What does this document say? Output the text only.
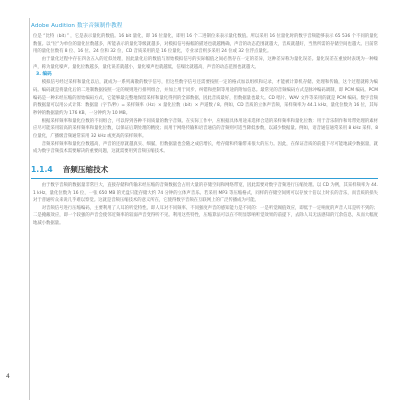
Adobe Audition 数字音频制作教程

位是 “比特（bit）” ，它是表示量化的数值。16 bit 量化，即 16 位量化，即用 16 个二进制位来表示量化数值。所以采用 16 位量化时的数字音频能够表示 65 536 个不同的量化数值。以“位”为单位的量化位数越多，所能表示的量化等级就越多，对模拟信号振幅的描述也就越精确，声音的动态范围就越大，音质就越好，当然所需的存储空间也越大。目前常用的量化位数有 8 位、16 位、24 位和 32 位，CD 音质采用的是 16 位量化，专业录音则多采用 24 位或 32 位浮点量化。

由于量化过程中存在四舍五入的近似处理，因此量化后的数值与原始模拟信号的实际幅值之间必然存在一定的差异，这种差异称为量化误差。量化误差在重放时表现为一种噪声，称为量化噪声。量化位数越多，量化误差就越小，量化噪声也就越低，信噪比就越高，声音的动态范围也就越大。

3. 编码

模拟信号经过采样和量化以后，就成为一系列离散的数字信号，但这些数字信号还需要按照一定的格式加以组织和记录，才能被计算机存储、处理和传输，这个过程就称为编码。编码就是将量化后的二进制数据按照一定的规则进行排列组合，并加上用于同步、纠错和控制等用途的附加信息。最常见的音频编码方式是脉冲编码调制，即 PCM 编码。PCM 编码是一种未经压缩的原始编码方式，它能够最完整地保留采样和量化得到的全部数据，因此音质最好，但数据量也最大。CD 唱片、WAV 文件等采用的就是 PCM 编码。数字音频的数据量可以用公式计算：数据量（字节/秒）= 采样频率（Hz）× 量化位数（bit）× 声道数 / 8。例如，CD 音质的立体声音频，采样频率为 44.1 kHz，量化位数为 16 位，其每秒钟的数据量约为 176 KB，一分钟约为 10 MB。

根据采样频率和量化位数的不同组合，可以得到各种不同质量的数字音频。在实际工作中，应根据具体用途来选择合适的采样频率和量化位数：用于音乐制作和母带处理的素材应尽可能采用较高的采样频率和量化位数，以保证后期处理的精度；而用于网络传输和语音通信的音频则可适当降低参数，以减少数据量。例如，语音通信通常采用 8 kHz 采样、8 位量化，广播级音频通常采用 32 kHz 或更高的采样频率。

音频采样频率和量化位数越高，声音的还原就越真实、细腻，但数据量也会随之成倍增长，给存储和传输带来很大的压力。因此，在保证音质的前提下尽可能地减少数据量，就成为数字音频技术需要解决的重要问题，这就需要用到音频压缩技术。

1.1.4 音频压缩技术

由于数字音频的数据量非常巨大，直接存储和传输未经压缩的音频数据会占用大量的存储空间和网络带宽，因此需要对数字音频进行压缩处理。以 CD 为例，其采样频率为 44.1 kHz，量化位数为 16 位，一张 650 MB 的光盘只能存储大约 74 分钟的立体声音乐。若采用 MP3 等压缩格式，同样的存储空间则可以存放十倍以上时长的音乐，而音质的损失对于普通听众来说几乎难以察觉。这就是音频压缩技术的意义所在，它使得数字音频在互联网上的广泛传播成为可能。

对音频信号进行压缩编码，主要利用了人耳的听觉特性。即人耳对不同频率、不同强度声音的感知能力是不同的：一是听觉阈值效应，即低于一定响度的声音人耳是听不到的；二是掩蔽效应，即一个较强的声音会使邻近频率的较弱声音变得听不见。利用这些特性，压缩算法可以在不明显影响听觉效果的前提下，去除人耳无法感知的冗余信息，从而大幅度地减小数据量。

4
